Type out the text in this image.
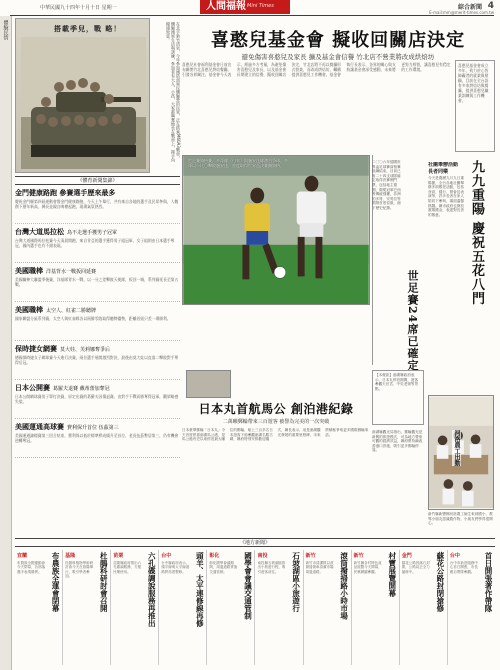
中華民國九十四年十月十日 星期一	綜合新聞 4
E-mail:mm@merit-times.com.tw
人間福報 Mini Times
體驗民情	搭載季兒，戰 略！	在北宇新竹清泉，今年參加國防部軍民體驗營的民眾，正在搭乘M60A3戰車，體驗國軍生活與訓練，參加者有大人、小孩，大家都興奮地坐在戰車上，揮手向鏡頭致意。
《體育新聞集錦》
金門健康路跑 參賽選手歷來最多
慶祝金門縣第四屆運動會暨金門健康路跑，今天上午舉行，共有來自各地的選手及民眾參與，人數創下歷年新高，縣長並親自鳴槍起跑，現場氣氛熱烈。
台灣大道馬拉松 鳥不走選手獲男子冠軍
台灣大道國際馬拉松賽今天清晨開跑，來自肯亞的選手獲得男子組冠軍，女子組則由日本選手奪冠，國內選手也有不錯表現。
美國職棒 洋基背水一戰扳回延賽
美國職棒大聯盟季後賽，洋基隊背水一戰，以一分之差擊敗天使隊，扳回一城，系列賽延長至第五戰。
美國職棒 太空人、紅雀二勝聽牌
國家聯盟分區系列賽，太空人與紅雀隊各以兩勝零敗取得聽牌優勢，距離晉級只差一場勝利。
保時捷女網賽 莫大娃、芙莉娜奪爭后
德國保時捷女子網球賽今天進行決賽，兩位選手展開激烈對決，最後由莫大娃以直落二擊敗對手奪得后冠。
日本公開賽 葛羅夫退賽 戴蒂蕾加奪冠
日本公開網球賽男子單打決賽，原定出賽的葛羅夫因傷退賽，由對手不戰而勝奪得冠軍，觀眾略感失望。
美國運通高球賽 費利保升首位 伍茲第三
美國運通錦標賽第三回合結束，費利保以低於標準桿成績升至首位，老虎伍茲暫居第三，仍有機會逆轉奪冠。
喜憨兒基金會 擬收回關店決定
避免傷害喜憨兒及家長 擴及基金會信譽 竹北店不營業將改成烘焙坊
喜憨兒社會福利基金會日前宣布關閉竹北喜憨兒烘焙餐廳，引發各界關注。基金會今天表示，經過多方考量，為避免傷害喜憨兒及家長，以及基金會長期建立的信譽，擬收回關店決定，竹北店將不再以餐廳形式營業，而改成烘焙坊，繼續提供喜憨兒工作機會。基金會執行長表示，各界的關心與支持讓基金會深受感動，未來將更努力經營，讓喜憨兒有穩定的工作環境。
喜憨兒基金會成立多年，致力於心智障礙者的就業與照顧，目前在全台設有多家烘焙坊與餐廳，提供喜憨兒職業訓練與工作機會。
世足賽資格賽，多哥隊（白衣）與盧安達隊激烈爭球。多哥以一比〇擊敗盧安達，首度取得世界盃決賽圈資格。
二〇〇六年德國世界盃足球賽資格賽陸續結束，目前已有二十四支球隊確定取得決賽圈門票，包括地主德國、衛冕冠軍巴西等傳統強權，非洲的多哥、安哥拉等國則首度晉級，創下歷史紀錄。
世足賽24席已確定
社團舉辦活動 長者同樂
今天是農曆九月九日重陽節，全台各地社團舉辦多項敬老活動，包括登高、健行、餐會及表演等，許多長者在家人陪同下參與，場面溫馨熱鬧。縣市政府也發放重陽禮金，表達對長者的敬意。	九九重陽 慶祝五花八門
日本丸首航馬公 創泊港紀錄
二萬噸郵輪帶來三百遊客 被譽為完美的一次突破
日本豪華郵輪「日本丸」今天首度停靠澎湖馬公港，是馬公港有史以來停泊最大噸位的郵輪，船上三百多名日本遊客下船參觀澎湖名勝古蹟，縣府特別安排歡迎儀式，縣長表示，這是澎湖觀光發展的重要里程碑，未來將積極爭取更多國際郵輪來訪。
【本報訊】澎湖縣政府表示，日本丸停泊期間，遊客參觀天后宮、中央老街等景點。
澎湖縣觀光局指出，郵輪觀光是新興的旅遊模式，可為地方帶來可觀的經濟效益，縣府將持續改善港口設施，吸引更多郵輪停靠。	河洛農工出動
新竹縣新豐鄉河洛農工師生來到國小，教導小朋友認識農作物，小朋友們學得很開心。
《地方新聞》
宜蘭	布農族全運會閉幕
布農族全國運動會今天閉幕，各部落選手表現優異。
基隆	杜鵑科研討會召開
杜鵑科植物學術研討會今天在基隆舉行，吸引學者參加。
苗栗	六孔碟調說服務再推出
苗栗縣政府推出六孔碟調服務，方便民眾使用。
台中	頭羊、太平連修線再修
台中縣政府表示，頭羊線與太平線道路將再度整修。
彰化	國學會會議交通管制
彰化國學會議期間，周邊道路實施交通管制。
南投	石坡湖區小旅遊行
南投縣石坡湖區推出小旅遊行程，吸引遊客前往。
新竹	滾筒撥掃路小時市場
新竹市清潔隊以滾筒掃街車清潔市場周邊道路。
新竹	村寶展覽開幕
新竹縣各村特色產品展覽今天開幕，民眾踴躍參觀。
金門	蘇花公路封閉搶修
蘇花公路因落石封閉，公路局正全力搶修中。
台中	首日開張著作帶隊
台中市新設服務中心首日開張，市長親自帶隊參觀。
